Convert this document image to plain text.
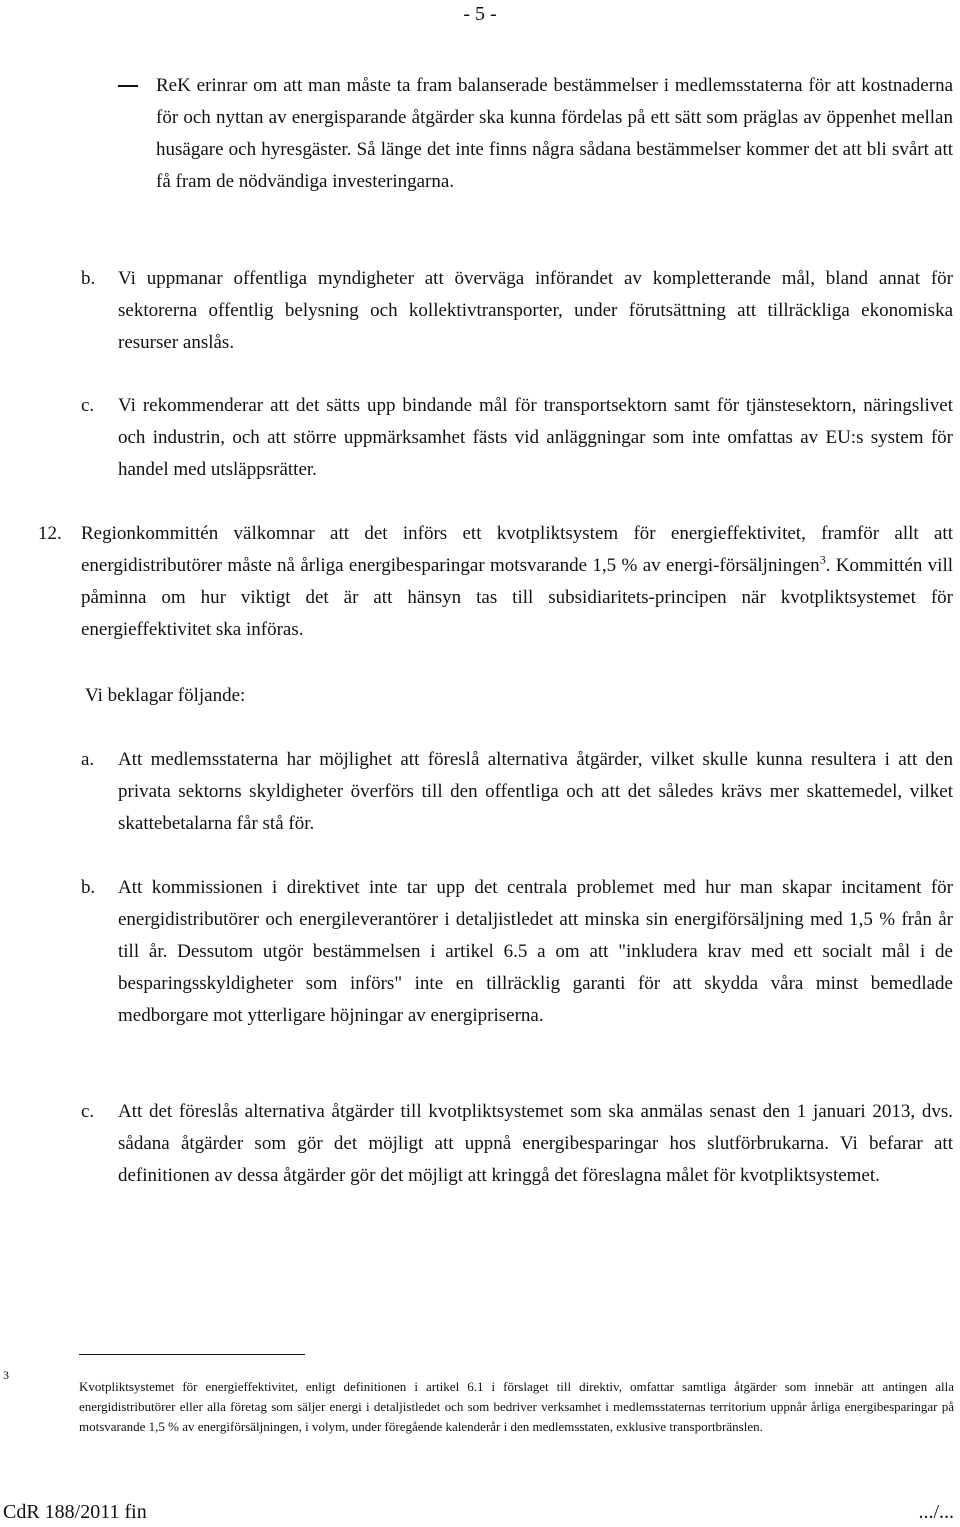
- 5 -
ReK erinrar om att man måste ta fram balanserade bestämmelser i medlemsstaterna för att kostnaderna för och nyttan av energisparande åtgärder ska kunna fördelas på ett sätt som präglas av öppenhet mellan husägare och hyresgäster. Så länge det inte finns några sådana bestämmelser kommer det att bli svårt att få fram de nödvändiga investeringarna.
b. Vi uppmanar offentliga myndigheter att överväga införandet av kompletterande mål, bland annat för sektorerna offentlig belysning och kollektivtransporter, under förutsättning att tillräckliga ekonomiska resurser anslås.
c. Vi rekommenderar att det sätts upp bindande mål för transportsektorn samt för tjänstesektorn, näringslivet och industrin, och att större uppmärksamhet fästs vid anläggningar som inte omfattas av EU:s system för handel med utsläppsrätter.
12. Regionkommittén välkomnar att det införs ett kvotpliktsystem för energieffektivitet, framför allt att energidistributörer måste nå årliga energibesparingar motsvarande 1,5 % av energi-försäljningen$^3$. Kommittén vill påminna om hur viktigt det är att hänsyn tas till subsidiaritets-principen när kvotpliktsystemet för energieffektivitet ska införas.
Vi beklagar följande:
a. Att medlemsstaterna har möjlighet att föreslå alternativa åtgärder, vilket skulle kunna resultera i att den privata sektorns skyldigheter överförs till den offentliga och att det således krävs mer skattemedel, vilket skattebetalarna får stå för.
b. Att kommissionen i direktivet inte tar upp det centrala problemet med hur man skapar incitament för energidistributörer och energileverantörer i detaljistledet att minska sin energiförsäljning med 1,5 % från år till år. Dessutom utgör bestämmelsen i artikel 6.5 a om att "inkludera krav med ett socialt mål i de besparingsskyldigheter som införs" inte en tillräcklig garanti för att skydda våra minst bemedlade medborgare mot ytterligare höjningar av energipriserna.
c. Att det föreslås alternativa åtgärder till kvotpliktsystemet som ska anmälas senast den 1 januari 2013, dvs. sådana åtgärder som gör det möjligt att uppnå energibesparingar hos slutförbrukarna. Vi befarar att definitionen av dessa åtgärder gör det möjligt att kringgå det föreslagna målet för kvotpliktsystemet.
3
Kvotpliktsystemet för energieffektivitet, enligt definitionen i artikel 6.1 i förslaget till direktiv, omfattar samtliga åtgärder som innebär att antingen alla energidistributörer eller alla företag som säljer energi i detaljistledet och som bedriver verksamhet i medlemsstaternas territorium uppnår årliga energibesparingar på motsvarande 1,5 % av energiförsäljningen, i volym, under föregående kalenderår i den medlemsstaten, exklusive transportbränslen.
CdR 188/2011 fin	.../...
